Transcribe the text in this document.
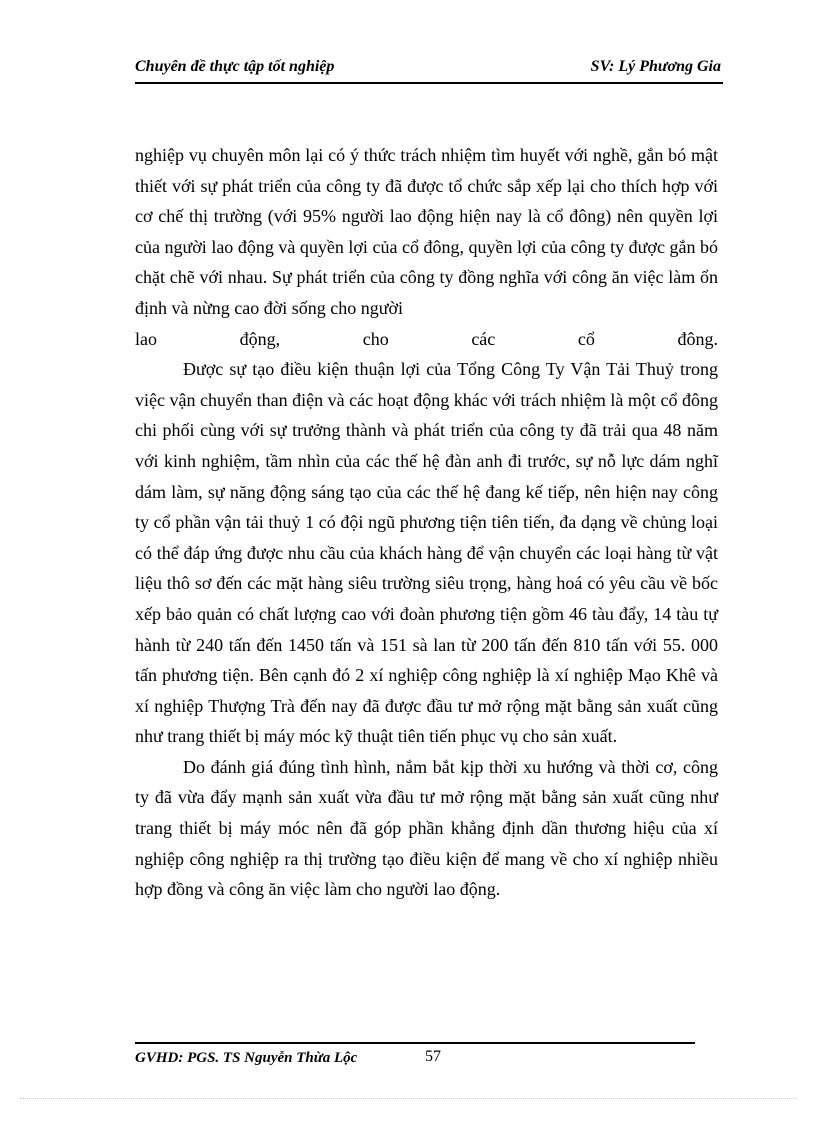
Chuyên đề thực tập tốt nghiệp	SV: Lý Phương Gia

nghiệp vụ chuyên môn lại có ý thức trách nhiệm tìm huyết với nghề, gắn bó mật thiết với sự phát triển của công ty đã được tổ chức sắp xếp lại cho thích hợp với cơ chế thị trường (với 95% người lao động hiện nay là cổ đông) nên quyền lợi của người lao động và quyền lợi của cổ đông, quyền lợi của công ty được gắn bó chặt chẽ với nhau. Sự phát triển của công ty đồng nghĩa với công ăn việc làm ổn định và nừng cao đời sống cho người

lao động, cho các cổ đông.

Được sự tạo điều kiện thuận lợi của Tổng Công Ty Vận Tải Thuỷ trong việc vận chuyển than điện và các hoạt động khác với trách nhiệm là một cổ đông chi phối cùng với sự trưởng thành và phát triển của công ty đã trải qua 48 năm với kinh nghiệm, tầm nhìn của các thế hệ đàn anh đi trước, sự nỗ lực dám nghĩ dám làm, sự năng động sáng tạo của các thế hệ đang kế tiếp, nên hiện nay công ty cổ phần vận tải thuỷ 1 có đội ngũ phương tiện tiên tiến, đa dạng về chủng loại có thể đáp ứng được nhu cầu của khách hàng để vận chuyển các loại hàng từ vật liệu thô sơ đến các mặt hàng siêu trường siêu trọng, hàng hoá có yêu cầu về bốc xếp bảo quản có chất lượng cao với đoàn phương tiện gồm 46 tàu đẩy, 14 tàu tự hành từ 240 tấn đến 1450 tấn và 151 sà lan từ 200 tấn đến 810 tấn với 55. 000 tấn phương tiện. Bên cạnh đó 2 xí nghiệp công nghiệp là xí nghiệp Mạo Khê và xí nghiệp Thượng Trà đến nay đã được đầu tư mở rộng mặt bằng sản xuất cũng như trang thiết bị máy móc kỹ thuật tiên tiến phục vụ cho sản xuất.

Do đánh giá đúng tình hình, nắm bắt kịp thời xu hướng và thời cơ, công ty đã vừa đẩy mạnh sản xuất vừa đầu tư mở rộng mặt bằng sản xuất cũng như trang thiết bị máy móc nên đã góp phần khẳng định dần thương hiệu của xí nghiệp công nghiệp ra thị trường tạo điều kiện để mang về cho xí nghiệp nhiều hợp đồng và công ăn việc làm cho người lao động.

GVHD: PGS. TS Nguyễn Thừa Lộc	57
